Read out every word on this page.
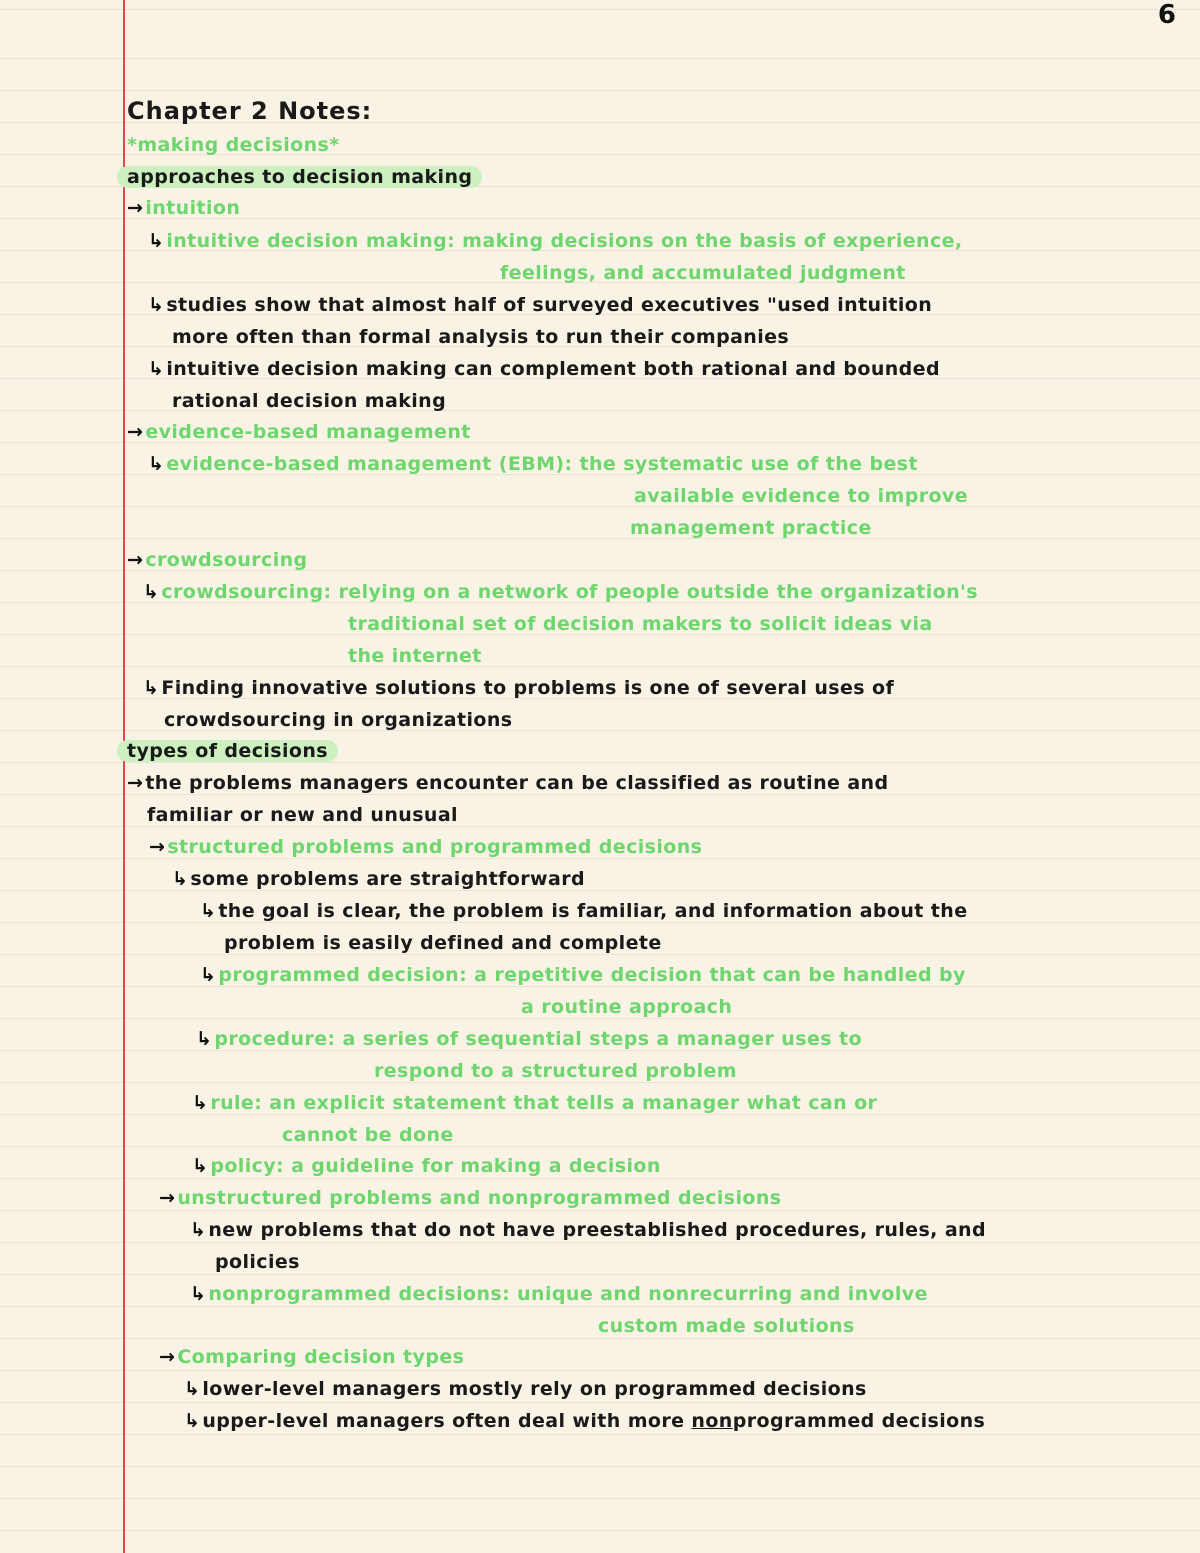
6
Chapter 2 Notes:
*making decisions*
approaches to decision making
→ intuition
↳ intuitive decision making: making decisions on the basis of experience,
feelings, and accumulated judgment
↳ studies show that almost half of surveyed executives "used intuition
more often than formal analysis to run their companies
↳ intuitive decision making can complement both rational and bounded
rational decision making
→ evidence-based management
↳ evidence-based management (EBM): the systematic use of the best
available evidence to improve
management practice
→ crowdsourcing
↳ crowdsourcing: relying on a network of people outside the organization's
traditional set of decision makers to solicit ideas via
the internet
↳ Finding innovative solutions to problems is one of several uses of
crowdsourcing in organizations
types of decisions
→ the problems managers encounter can be classified as routine and
familiar or new and unusual
→ structured problems and programmed decisions
↳ some problems are straightforward
↳ the goal is clear, the problem is familiar, and information about the
problem is easily defined and complete
↳ programmed decision: a repetitive decision that can be handled by
a routine approach
↳ procedure: a series of sequential steps a manager uses to
respond to a structured problem
↳ rule: an explicit statement that tells a manager what can or
cannot be done
↳ policy: a guideline for making a decision
→ unstructured problems and nonprogrammed decisions
↳ new problems that do not have preestablished procedures, rules, and
policies
↳ nonprogrammed decisions: unique and nonrecurring and involve
custom made solutions
→ Comparing decision types
↳ lower-level managers mostly rely on programmed decisions
↳ upper-level managers often deal with more nonprogrammed decisions
